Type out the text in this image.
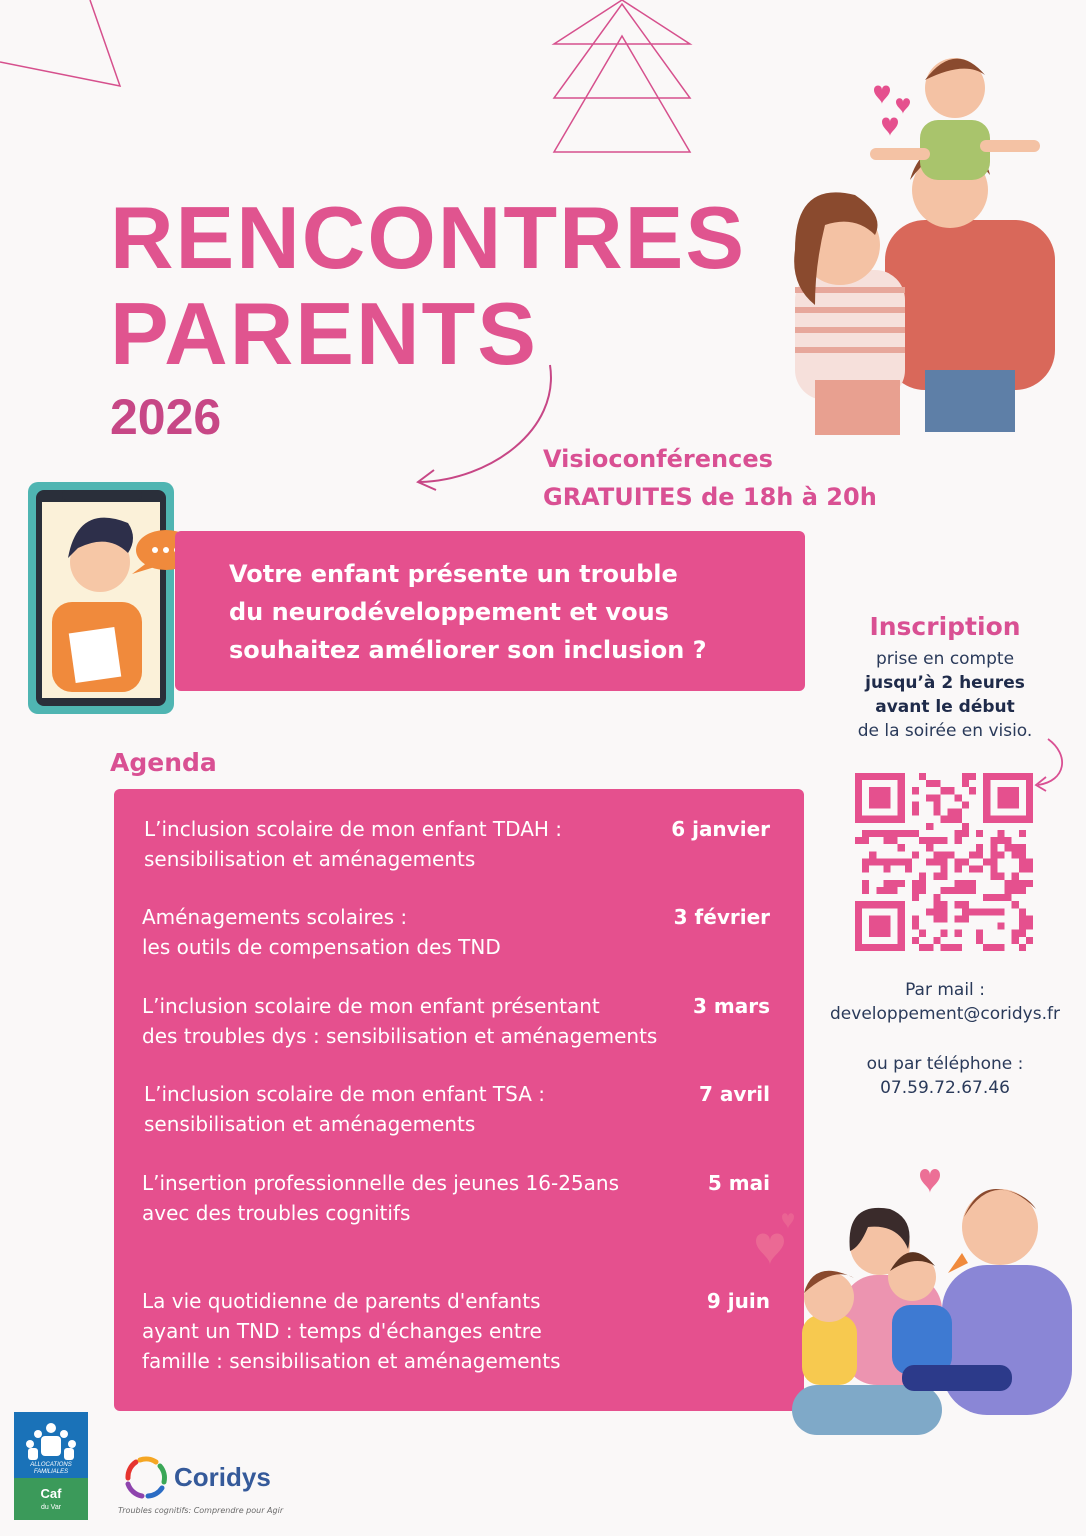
RENCONTRES
PARENTS
2026
Visioconférences
GRATUITES de 18h à 20h
Votre enfant présente un trouble
du neurodéveloppement et vous
souhaitez améliorer son inclusion ?
Inscription
prise en compte
jusqu’à 2 heures
avant le début
de la soirée en visio.
Par mail :
developpement@coridys.fr
ou par téléphone :
07.59.72.67.46
Agenda
L’inclusion scolaire de mon enfant TDAH :
sensibilisation et aménagements
6 janvier
Aménagements scolaires :
les outils de compensation des TND
3 février
L’inclusion scolaire de mon enfant présentant
des troubles dys : sensibilisation et aménagements
3 mars
L’inclusion scolaire de mon enfant TSA :
sensibilisation et aménagements
7 avril
L’insertion professionnelle des jeunes 16-25ans
avec des troubles cognitifs
5 mai
La vie quotidienne de parents d'enfants
ayant un TND : temps d'échanges entre
famille : sensibilisation et aménagements
9 juin
ALLOCATIONS
FAMILIALES
Caf
du Var
Coridys
Troubles cognitifs: Comprendre pour Agir
